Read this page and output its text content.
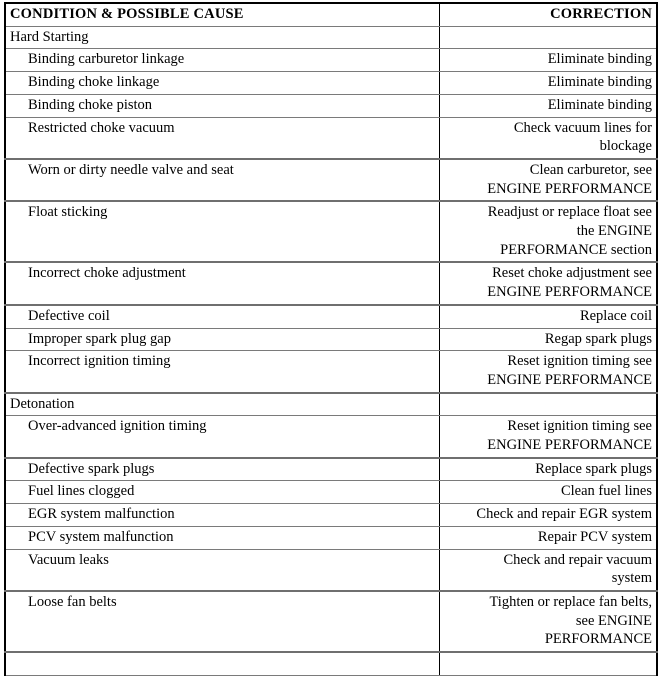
CONDITION & POSSIBLE CAUSE	CORRECTION
Hard Starting	
Binding carburetor linkage	Eliminate binding

Binding choke linkage	Eliminate binding

Binding choke piston	Eliminate binding

Restricted choke vacuum	Check vacuum lines for
blockage

Worn or dirty needle valve and seat	Clean carburetor, see
ENGINE PERFORMANCE

Float sticking	Readjust or replace float see
the ENGINE
PERFORMANCE section

Incorrect choke adjustment	Reset choke adjustment see
ENGINE PERFORMANCE

Defective coil	Replace coil

Improper spark plug gap	Regap spark plugs

Incorrect ignition timing	Reset ignition timing see
ENGINE PERFORMANCE

Detonation	
Over-advanced ignition timing	Reset ignition timing see
ENGINE PERFORMANCE

Defective spark plugs	Replace spark plugs

Fuel lines clogged	Clean fuel lines

EGR system malfunction	Check and repair EGR system

PCV system malfunction	Repair PCV system

Vacuum leaks	Check and repair vacuum
system

Loose fan belts	Tighten or replace fan belts,
see ENGINE
PERFORMANCE
